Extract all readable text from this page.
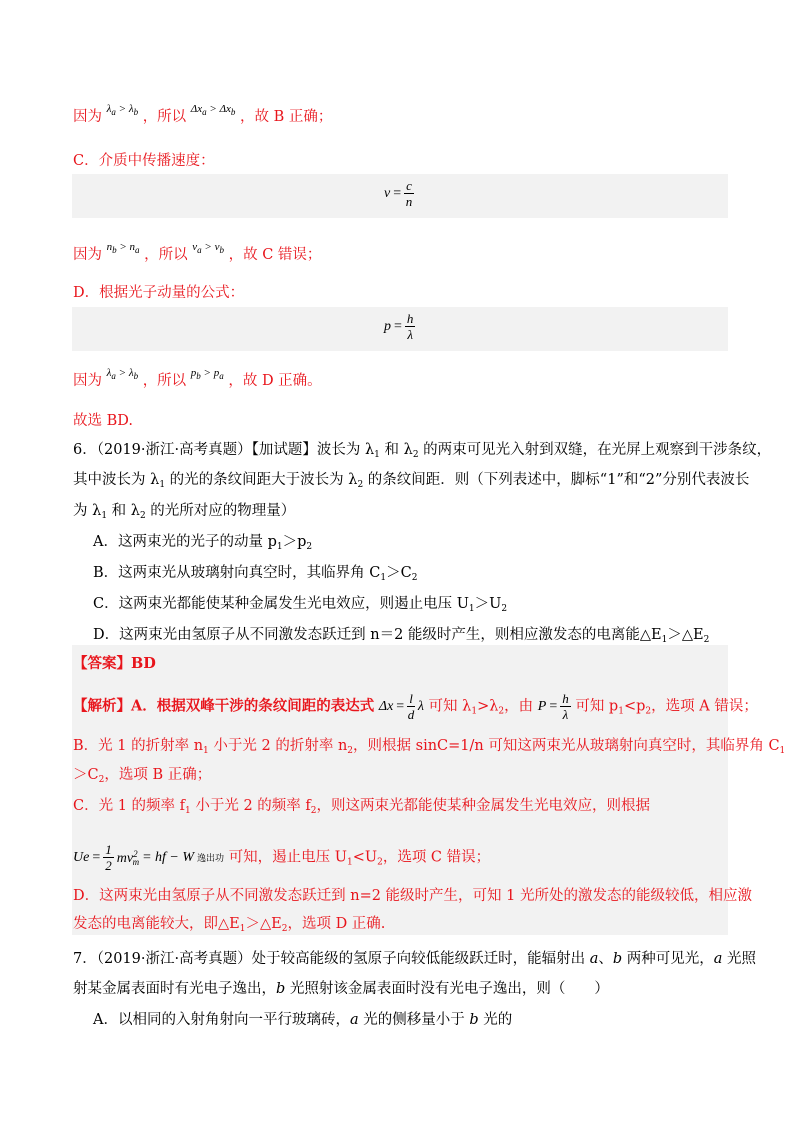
因为 $^{\lambda_a > \lambda_b}$ ，所以 $^{\Delta x_a > \Delta x_b}$ ，故 B 正确；
C．介质中传播速度：
$v = \frac{c}{n}$
因为 $^{n_b > n_a}$ ，所以 $^{v_a > v_b}$ ，故 C 错误；
D．根据光子动量的公式：
$p = \frac{h}{\lambda}$
因为 $^{\lambda_a > \lambda_b}$ ，所以 $^{p_b > p_a}$ ，故 D 正确。
故选 BD.
6．（2019·浙江·高考真题）【加试题】波长为 $\lambda_1$ 和 $\lambda_2$ 的两束可见光入射到双缝，在光屏上观察到干涉条纹，
其中波长为 $\lambda_1$ 的光的条纹间距大于波长为 $\lambda_2$ 的条纹间距．则（下列表述中，脚标“1”和“2”分别代表波长
为 $\lambda_1$ 和 $\lambda_2$ 的光所对应的物理量）
A．这两束光的光子的动量 $p_1>p_2$
B．这两束光从玻璃射向真空时，其临界角 $C_1>C_2$
C．这两束光都能使某种金属发生光电效应，则遏止电压 $U_1>U_2$
D．这两束光由氢原子从不同激发态跃迁到 n＝2 能级时产生，则相应激发态的电离能$\triangle E_1>\triangle E_2$
【答案】BD
【解析】A．根据双峰干涉的条纹间距的表达式 $\Delta x = \frac{l}{d}$ λ 可知 $\lambda_1>\lambda_2$，由 $P = \frac{h}{\lambda}$ 可知 $p_1<p_2$，选项 A 错误；
B．光 1 的折射率 $n_1$ 小于光 2 的折射率 $n_2$，则根据 sinC=1/n 可知这两束光从玻璃射向真空时，其临界角 $C_1$
$>C_2$，选项 B 正确；
C．光 1 的频率 $f_1$ 小于光 2 的频率 $f_2$，则这两束光都能使某种金属发生光电效应，则根据
$Ue = \frac{1}{2} mv^2_m$ = hf − W 逸出功 可知，遏止电压 $U_1<U_2$，选项 C 错误；
D．这两束光由氢原子从不同激发态跃迁到 n=2 能级时产生，可知 1 光所处的激发态的能级较低，相应激
发态的电离能较大，即$\triangle E_1>\triangle E_2$，选项 D 正确.
7．（2019·浙江·高考真题）处于较高能级的氢原子向较低能级跃迁时，能辐射出 a、b 两种可见光，a 光照
射某金属表面时有光电子逸出，b 光照射该金属表面时没有光电子逸出，则（　　）
A．以相同的入射角射向一平行玻璃砖，a 光的侧移量小于 b 光的
